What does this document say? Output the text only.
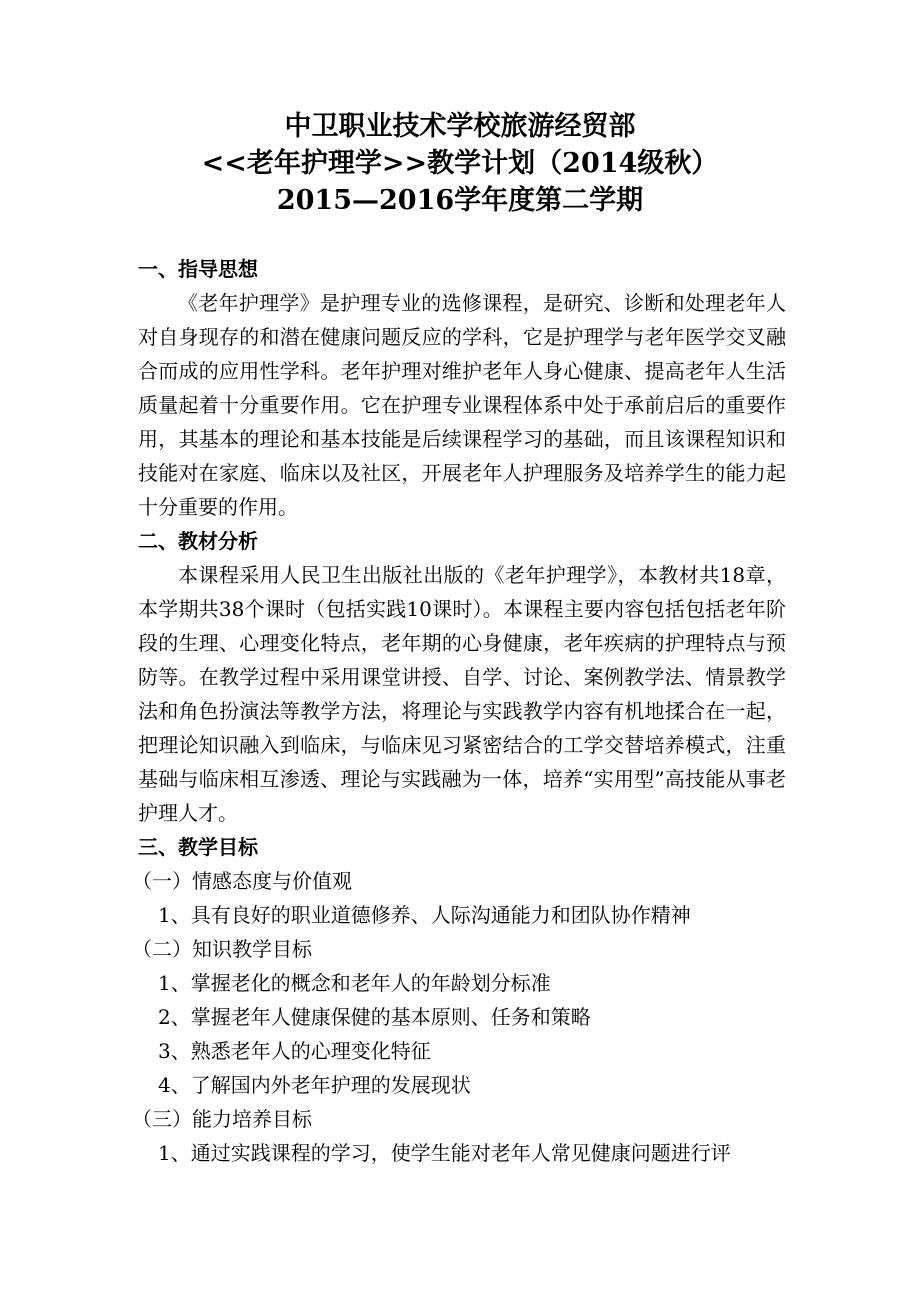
中卫职业技术学校旅游经贸部
<<老年护理学>>教学计划（2014级秋）
2015—2016学年度第二学期
一、指导思想

《老年护理学》是护理专业的选修课程，是研究、诊断和处理老年人对自身现存的和潜在健康问题反应的学科，它是护理学与老年医学交叉融合而成的应用性学科。老年护理对维护老年人身心健康、提高老年人生活质量起着十分重要作用。它在护理专业课程体系中处于承前启后的重要作用，其基本的理论和基本技能是后续课程学习的基础，而且该课程知识和技能对在家庭、临床以及社区，开展老年人护理服务及培养学生的能力起十分重要的作用。

二、教材分析

本课程采用人民卫生出版社出版的《老年护理学》，本教材共18章，本学期共38个课时（包括实践10课时）。本课程主要内容包括包括老年阶段的生理、心理变化特点，老年期的心身健康，老年疾病的护理特点与预防等。在教学过程中采用课堂讲授、自学、讨论、案例教学法、情景教学法和角色扮演法等教学方法，将理论与实践教学内容有机地揉合在一起，把理论知识融入到临床，与临床见习紧密结合的工学交替培养模式，注重基础与临床相互渗透、理论与实践融为一体，培养“实用型”高技能从事老护理人才。

三、教学目标
（一）情感态度与价值观
1、具有良好的职业道德修养、人际沟通能力和团队协作精神
（二）知识教学目标
1、掌握老化的概念和老年人的年龄划分标准
2、掌握老年人健康保健的基本原则、任务和策略
3、熟悉老年人的心理变化特征
4、了解国内外老年护理的发展现状
（三）能力培养目标
1、通过实践课程的学习，使学生能对老年人常见健康问题进行评
